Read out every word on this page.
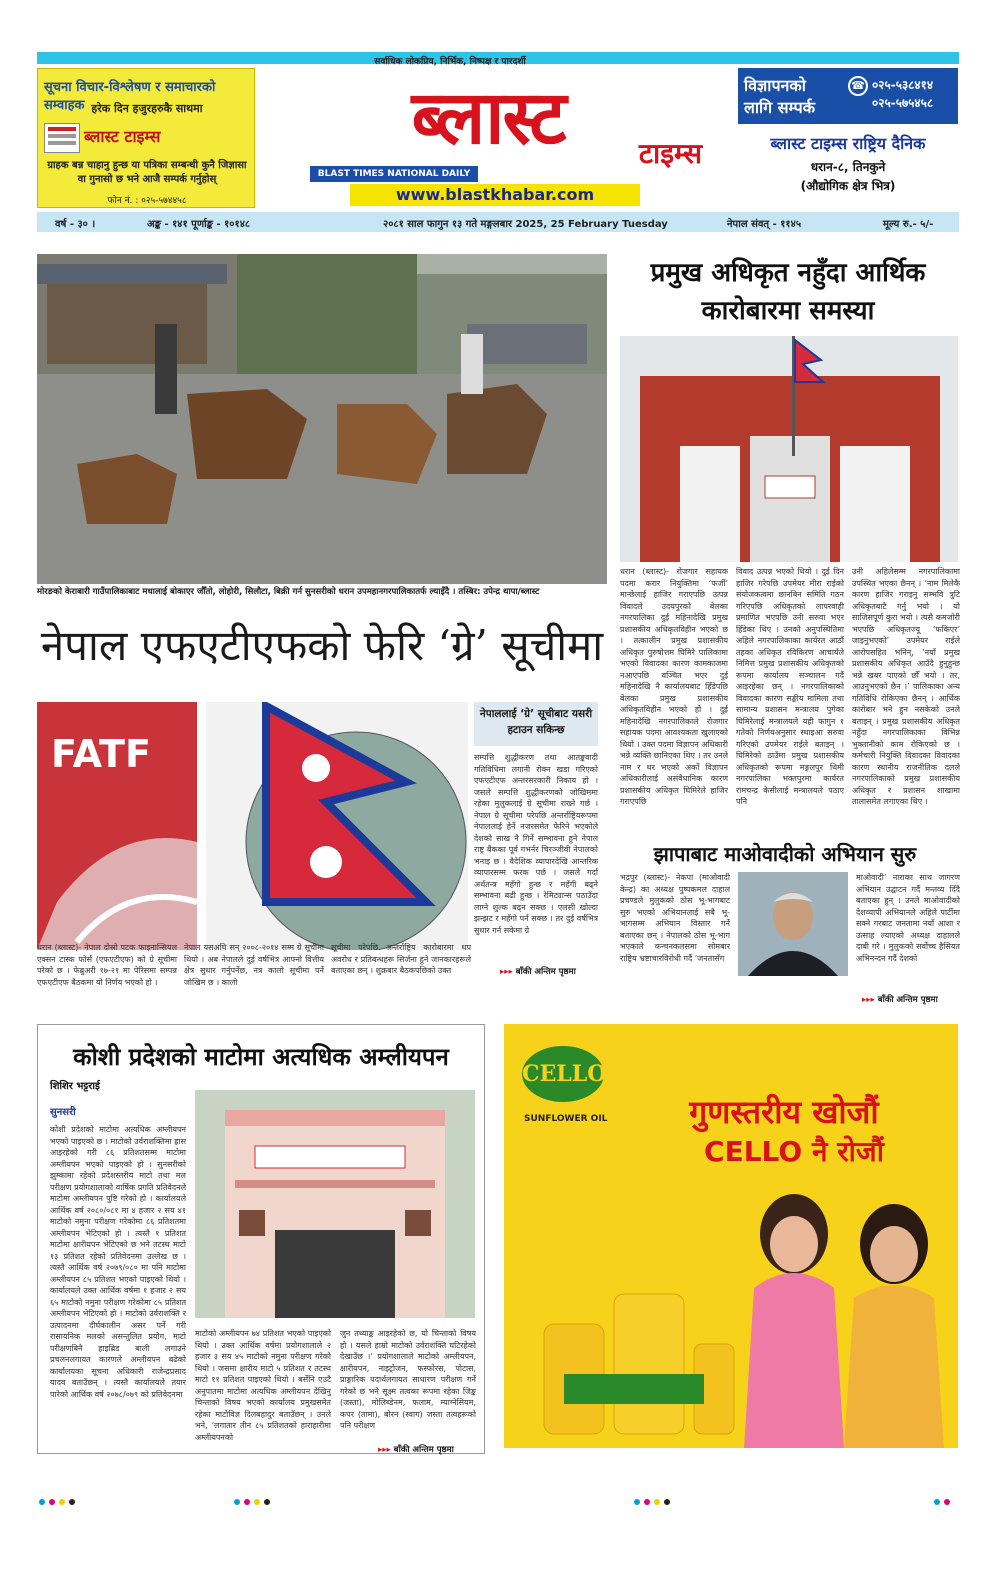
सर्वाधिक लोकप्रिय, निर्भिक, निष्पक्ष र पारदर्शी
सूचना विचार-विश्लेषण र समाचारको सम्वाहक हरेक दिन हजुरहरुकै साथमा
ब्लास्ट टाइम्स
ग्राहक बन्न चाहानु हुन्छ या पत्रिका सम्बन्धी कुनै जिज्ञासा वा गुनासो छ भने आजै सम्पर्क गर्नुहोस्
फोन नं. : ०२५-५७४४५८
ब्लास्ट	टाइम्स
BLAST TIMES NATIONAL DAILY
www.blastkhabar.com
विज्ञापनको
लागि सम्पर्क
☎ ०२५-५३८४१४
०२५-५७५४५८
ब्लास्ट टाइम्स राष्ट्रिय दैनिक
धरान-८, तिनकुने
(औद्योगिक क्षेत्र भित्र)
वर्ष - ३० ।	अङ्क - १४१ पूर्णाङ्क - १०१४८	२०८१ साल फागुन १३ गते मङ्गलबार 2025, 25 February Tuesday	नेपाल संवत् - ११४५	मूल्य रु.- ५/-
मोरङको केराबारी गाउँपालिकाबाट मधालाई बोकाएर जौँतो, लोहोरी, सिलौटा, बिक्री गर्न सुनसरीको धरान उपमहानगरपालिकातर्फ ल्याइँदै । तस्बिर: उपेन्द्र थापा/ब्लास्ट
नेपाल एफएटीएफको फेरि ‘ग्रे’ सूचीमा
FATF
नेपाललाई ‘ग्रे’ सूचीबाट यसरी हटाउन सकिन्छ
सम्पत्ति शुद्धीकरण तथा आतङ्कवादी गतिविधिमा लगानी रोक्न खडा गरिएको एफएटीएफ अन्तरसरकारी निकाय हो । जसले सम्पत्ति शुद्धीकरणको जोखिममा रहेका मुलुकलाई ग्रे सूचीमा राख्ने गर्छ । नेपाल ग्रे सूचीमा परेपछि अन्तर्राष्ट्रियरूपमा नेपाललाई हेर्ने नजरसमेत फेरिने भएकोले देशको साख नै गिर्ने सम्भावना हुने नेपाल राष्ट्र बैंकका पूर्व गभर्नर चिरञ्जीवी नेपालको भनाइ छ । वैदेशिक व्यापारदेखि आन्तरिक व्यापारसम्म फरक पर्छ । जसले गर्दा अर्थतन्त्र महँगो हुन्छ र महँगी बढ्ने सम्भावना बढी हुन्छ । रेमिट्यान्स पठाउँदा लाग्ने शुल्क बढ्न सक्छ । एलसी खोल्दा झन्झट र महँगो पर्न सक्छ । तर दुई वर्षभित्र सुधार गर्न सकेमा ग्रे
▸▸▸ बाँकी अन्तिम पृष्ठमा
धरान (ब्लास्ट)- नेपाल दोस्रो पटक फाइनान्सियल एक्सन टास्क फोर्स (एफएटीएफ) को ग्रे सूचीमा परेको छ । फेब्रुअरी १७-२१ मा पेरिसमा सम्पन्न एफएटीएफ बैठकमा यो निर्णय भएको हो ।
नेपाल यसअघि सन् २००८-२०१४ सम्म ग्रे सूचीमा थियो । अब नेपालले दुई वर्षभित्र आफ्नो वित्तीय क्षेत्र सुधार गर्नुपर्नेछ, नत्र कालो सूचीमा पर्ने जोखिम छ । कालो
सूचीमा परेपछि अन्तर्राष्ट्रिय कारोबारमा थप अवरोध र प्रतिबन्धहरू सिर्जना हुने जानकारहरूले बताएका छन् । शुक्रबार बैठकपछिको उक्त
प्रमुख अधिकृत नहुँदा आर्थिक
कारोबारमा समस्या
धरान (ब्लास्ट)- रोजगार सहायक पदमा करार नियुक्तिमा ‘फर्जी’ मान्छेलाई हाजिर गराएपछि उत्पन्न विवादले उदयपुरको बेलका नगरपालिका दुई महिनादेखि प्रमुख प्रशासकीय अधिकृतविहीन भएको छ । तत्कालीन प्रमुख प्रशासकीय अधिकृत पुरुषोत्तम घिमिरे पालिकामा भएको विवादका कारण कामकाजमा नआएपछि वञ्चित भएर दुई महिनादेखि नै कार्यालयबाट हिँडेपछि बेलका प्रमुख प्रशासकीय अधिकृतविहीन भएको हो । दुई महिनादेखि नगरपालिकाले रोजगार सहायक पदमा आवश्यकता खुलाएको थियो । उक्त पदमा विज्ञापन अधिकारी भन्ने व्यक्ति छानिएका थिए । तर उनले नाम र थर भएको अर्को विज्ञापन अधिकारीलाई असंवैधानिक कारण प्रशासकीय अधिकृत घिमिरेले हाजिर गराएपछि
विवाद उत्पन्न भएको थियो । दुई दिन हाजिर गरेपछि उपमेयर मीरा राईको संयोजकत्वमा छानबिन समिति गठन गरिएपछि अधिकृतको लापरवाही प्रमाणित भएपछि उनी सरुवा भएर हिँडेका थिए । उनको अनुपस्थितिमा अहिले नगरपालिकाका कार्यरत आठौं तहका अधिकृत रविकिरण आचार्यले निमित्त प्रमुख प्रशासकीय अधिकृतको रूपमा कार्यालय सञ्चालन गर्दै आइरहेका छन् । नगरपालिकाको विवादका कारण सङ्घीय मामिला तथा सामान्य प्रशासन मन्त्रालय पुगेका घिमिरेलाई मन्त्रालयले यही फागुन १ गतेको निर्णयअनुसार स्थाइआ सरुवा गरिएको उपमेयर राईले बताइन् । घिमिरेको ठाउँमा प्रमुख प्रशासकीय अधिकृतको रूपमा मङ्गलपुर थिमी नगरपालिका भक्तपुरमा कार्यरत रामचन्द्र केसीलाई मन्त्रालयले पठाए पनि
उनी अहिलेसम्म नगरपालिकामा उपस्थित भएका छैनन् । ‘नाम मिलेकै कारण हाजिर गराइनु सम्भवि त्रुटि अधिकृतबाटै गर्नु भयो । यो साजिसपूर्ण कुरा भयो । त्यसै कमजोरी भएपछि अधिकृतज्यू ‘फकिएर’ जाइनुभएको’ उपमेयर राईले आरोपसहित भनिन्, ‘नयाँ प्रमुख प्रशासकीय अधिकृत आउँदै हुनुहुन्छ भन्ने खबर पाएको छौँ भयो । तर, आउनुभएको छैन ।’ पालिकाका अन्य गतिविधि रोकिएका छैनन् । आर्थिक कारोबार भने हुन नसकेको उनले बताइन् । प्रमुख प्रशासकीय अधिकृत नहुँदा नगरपालिकाका विभिन्न भुक्तानीको काम रोकिएको छ । कर्मचारी नियुक्ति विवादका विवादका कारण स्थानीय राजनीतिक दलले नगरपालिकाको प्रमुख प्रशासकीय अधिकृत र प्रशासन शाखामा तालासमेत लगाएका थिए ।
झापाबाट माओवादीको अभियान सुरु
भद्रपुर (ब्लास्ट)- नेकपा (माओवादी केन्द्र) का अध्यक्ष पुष्पकमल दाहाल प्रचण्डले मुलुकको ठोस भू-भागबाट सुरु भएको अभियानलाई सबै भू-भागसम्म अभियान विस्तार गर्ने बताएका छन् । नेपालको ठोस भू-भाग भएकाले कन्चनकलसमा सोमबार राष्ट्रिय भ्रष्टाचारविरोधी गर्दै ‘जनतासँग
माओवादी’ नाराका साथ जागरण अभियान उद्घाटन गर्दै मन्तव्य दिँदै बताएका हुन् । उनले माओवादीको देशव्यापी अभियानले अहिले पार्टीमा सक्ने गरबाट जनतामा नयाँ आशा र उत्साह ल्याएको अध्यक्ष दाहालले दाबी गरे । मुलुकको सर्वोच्च हैसियत अभिनन्दन गर्दै देशको
▸▸▸ बाँकी अन्तिम पृष्ठमा
कोशी प्रदेशको माटोमा अत्यधिक अम्लीयपन
शिशिर भट्टराई
सुनसरी
कोशी प्रदेशको माटोमा अत्यधिक अम्लीयपन भएको पाइएको छ । माटोको उर्वराशक्तिमा ह्रास आइरहेको गरी ८६ प्रतिशतसम्म माटोमा अम्लीयपन भएको पाइएको हो । सुनसरीको झुम्कामा रहेको प्रदेशस्तरीय माटो तथा मल परीक्षण प्रयोगशालाको वार्षिक प्रगति प्रतिवेदनले माटोमा अम्लीयपन पुष्टि गरेको हो । कार्यालयले आर्थिक वर्ष २०८०/०८१ मा ४ हजार २ सय ४१ माटोको नमुना परीक्षण गरेकोमा ८६ प्रतिशतमा अम्लीयपन भेटिएको हो । त्यस्तै १ प्रतिशत माटोमा क्षारीयपन भेटिएको छ भने तटस्थ माटो १३ प्रतिशत रहेको प्रतिवेदनमा उल्लेख छ । त्यस्तै आर्थिक वर्ष २०७९/०८० मा पनि माटोमा अम्लीयपन ८५ प्रतिशत भएको पाइएको थियो । कार्यालयले उक्त आर्थिक वर्षमा १ हजार २ सय ६५ माटोको नमुना परीक्षण गरेकोमा ८५ प्रतिशत अम्लीयपन भेटिएको हो । माटोको उर्वराशक्ति र उत्पादनमा दीर्घकालीन असर पर्ने गरी रासायनिक मलको असन्तुलित प्रयोग, माटो परीक्षणबिनै हाइब्रिड बाली लगाउने प्रचलनलगायत कारणले अम्लीयपन बढेको कार्यालयका सूचना अधिकारी राजेन्द्रप्रसाद यादव बताउँछन् । त्यस्तै कार्यालयले तयार पारेको आर्थिक वर्ष २०७८/०७९ को प्रतिवेदनमा
माटोको अम्लीयपन ७४ प्रतिशत भएको पाइएको थियो । उक्त आर्थिक वर्षमा प्रयोगशालाले २ हजार ३ सय ४५ माटोको नमुना परीक्षण गरेको थियो । जसमा क्षारीय माटो ५ प्रतिशत र तटस्थ माटो ११ प्रतिशत पाइएको थियो । बर्सेनि एउटै अनुपातमा माटोमा अत्यधिक अम्लीयपन देखिनु चिन्ताको विषय भएको कार्यालय प्रमुखसमेत रहेका माटोविज्ञ दिलबहादुर बताउँछन् । उनले भने, ‘लगातार तीन ८५ प्रतिशतको हाराहारीमा अम्लीयपनको
जुन तथ्याङ्क आइरहेको छ, यो चिन्ताको विषय हो । यसले हाम्रो माटोको उर्वराशक्ति घटिरहेको देखाउँछ ।’ प्रयोगशालाले माटोको अम्लीयपन, क्षारीयपन, नाइट्रोजन, फस्फोरस, पोटास, प्राङ्गारिक पदार्थलगायत साधारण परीक्षण गर्ने गरेको छ भने सूक्ष्म तत्वका रूपमा रहेका जिङ्क (जस्ता), मोलिब्डेनम, फलाम, म्याग्नेसियम, कपर (तामा), बोरन (स्वाग) जस्ता तत्वहरूको पनि परीक्षण
▸▸▸ बाँकी अन्तिम पृष्ठमा
CELLO
SUNFLOWER OIL	गुणस्तरीय खोजौं
CELLO नै रोजौं
